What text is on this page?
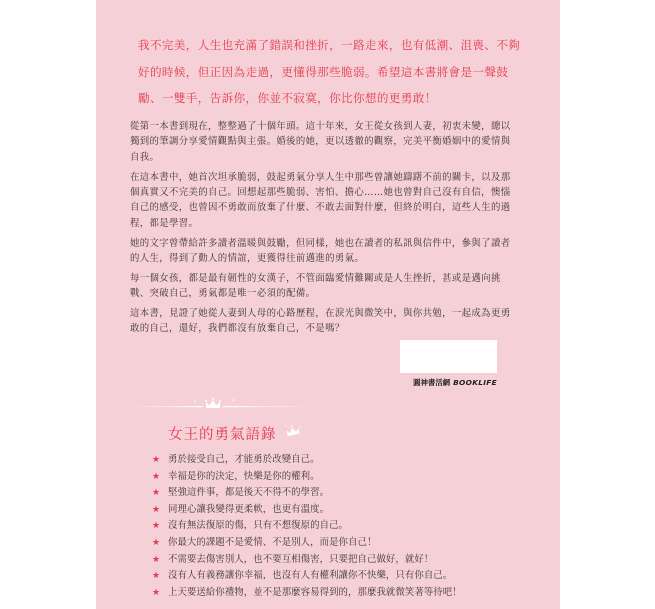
我不完美，人生也充滿了錯誤和挫折，一路走來，也有低潮、沮喪、不夠
好的時候，但正因為走過，更懂得那些脆弱。希望這本書將會是一聲鼓
勵、一雙手，告訴你，你並不寂寞，你比你想的更勇敢！
從第一本書到現在，整整過了十個年頭。這十年來，女王從女孩到人妻，初衷未變，總以
獨到的筆調分享愛情觀點與主張。婚後的她，更以透徹的觀察，完美平衡婚姻中的愛情與
自我。
在這本書中，她首次坦承脆弱，鼓起勇氣分享人生中那些曾讓她躊躇不前的關卡，以及那
個真實又不完美的自己。回想起那些脆弱、害怕、擔心……她也曾對自己沒有自信，懊惱
自己的感受，也曾因不勇敢而放棄了什麼、不敢去面對什麼，但終於明白，這些人生的過
程，都是學習。
她的文字曾帶給許多讀者溫暖與鼓勵，但同樣，她也在讀者的私訊與信件中，參與了讀者
的人生，得到了動人的情誼，更獲得往前邁進的勇氣。
每一個女孩，都是最有韌性的女漢子，不管面臨愛情難關或是人生挫折，甚或是邁向挑
戰、突破自己，勇氣都是唯一必須的配備。
這本書，見證了她從人妻到人母的心路歷程，在淚光與微笑中，與你共勉，一起成為更勇
敢的自己，還好，我們都沒有放棄自己，不是嗎？
圓神書活網 BOOKLIFE
女王的勇氣語錄
★勇於接受自己，才能勇於改變自己。
★幸福是你的決定，快樂是你的權利。
★堅強這件事，都是後天不得不的學習。
★同理心讓我變得更柔軟，也更有溫度。
★沒有無法復原的傷，只有不想復原的自己。
★你最大的課題不是愛情、不是別人，而是你自己！
★不需要去傷害別人，也不要互相傷害，只要把自己做好，就好！
★沒有人有義務讓你幸福，也沒有人有權利讓你不快樂，只有你自己。
★上天要送給你禮物，並不是那麼容易得到的，那麼我就微笑著等待吧！
